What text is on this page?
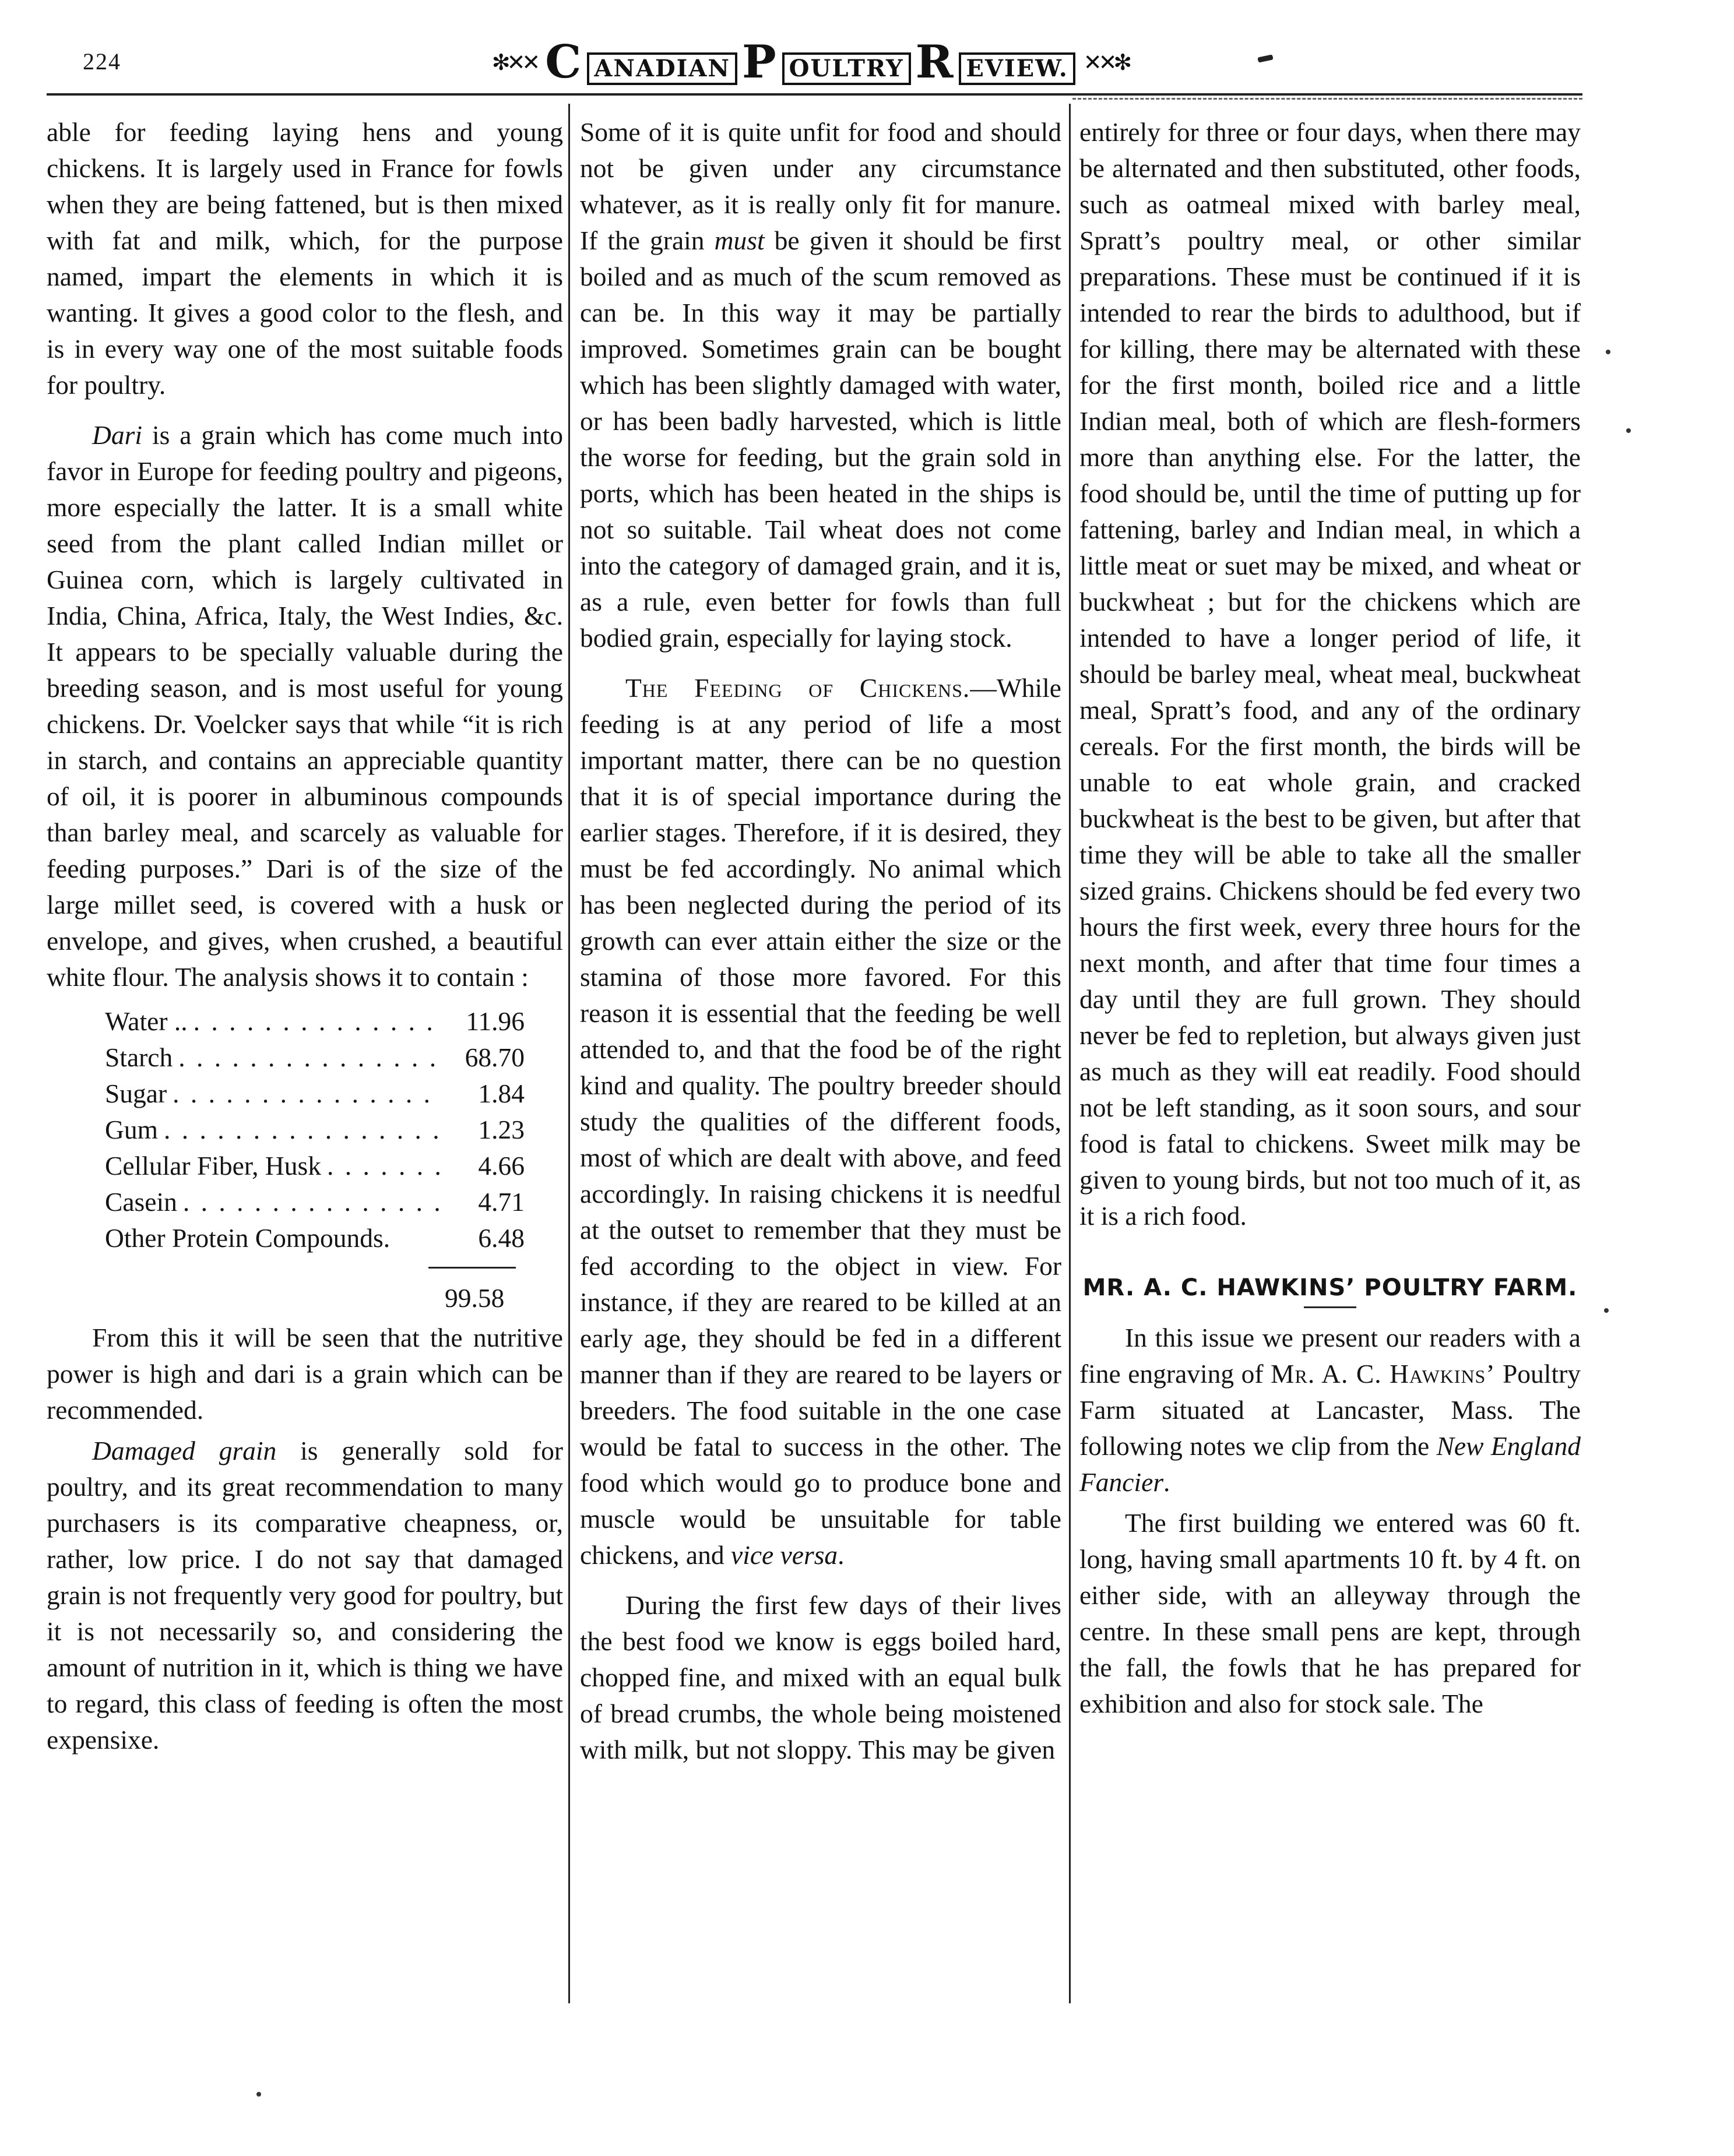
224	✻✕✕ C ANADIAN P OULTRY R EVIEW. ✕✕✻

able for feeding laying hens and young chickens. It is largely used in France for fowls when they are being fattened, but is then mixed with fat and milk, which, for the purpose named, impart the elements in which it is wanting. It gives a good color to the flesh, and is in every way one of the most suitable foods for poultry.

Dari is a grain which has come much into favor in Europe for feeding poultry and pigeons, more especially the latter. It is a small white seed from the plant called Indian millet or Guinea corn, which is largely cultivated in India, China, Africa, Italy, the West Indies, &c. It appears to be specially valuable during the breeding season, and is most useful for young chickens. Dr. Voelcker says that while “it is rich in starch, and contains an appreciable quantity of oil, it is poorer in albuminous compounds than barley meal, and scarcely as valuable for feeding purposes.” Dari is of the size of the large millet seed, is covered with a husk or envelope, and gives, when crushed, a beautiful white flour. The analysis shows it to contain :

Water .. . . .	11.96
Starch . . .	68.70
Sugar . . .	1.84
Gum . . .	1.23
Cellular Fiber, Husk . . .	4.66
Casein . . .	4.71
Other Protein Compounds.	6.48
99.58

From this it will be seen that the nutritive power is high and dari is a grain which can be recommended.

Damaged grain is generally sold for poultry, and its great recommendation to many purchasers is its comparative cheapness, or, rather, low price. I do not say that damaged grain is not frequently very good for poultry, but it is not necessarily so, and considering the amount of nutrition in it, which is thing we have to regard, this class of feeding is often the most expensixe.

Some of it is quite unfit for food and should not be given under any circumstance whatever, as it is really only fit for manure. If the grain must be given it should be first boiled and as much of the scum removed as can be. In this way it may be partially improved. Sometimes grain can be bought which has been slightly damaged with water, or has been badly harvested, which is little the worse for feeding, but the grain sold in ports, which has been heated in the ships is not so suitable. Tail wheat does not come into the category of damaged grain, and it is, as a rule, even better for fowls than full bodied grain, especially for laying stock.

The Feeding of Chickens.—While feeding is at any period of life a most important matter, there can be no question that it is of special importance during the earlier stages. Therefore, if it is desired, they must be fed accordingly. No animal which has been neglected during the period of its growth can ever attain either the size or the stamina of those more favored. For this reason it is essential that the feeding be well attended to, and that the food be of the right kind and quality. The poultry breeder should study the qualities of the different foods, most of which are dealt with above, and feed accordingly. In raising chickens it is needful at the outset to remember that they must be fed according to the object in view. For instance, if they are reared to be killed at an early age, they should be fed in a different manner than if they are reared to be layers or breeders. The food suitable in the one case would be fatal to success in the other. The food which would go to produce bone and muscle would be unsuitable for table chickens, and vice versa.

During the first few days of their lives the best food we know is eggs boiled hard, chopped fine, and mixed with an equal bulk of bread crumbs, the whole being moistened with milk, but not sloppy. This may be given

entirely for three or four days, when there may be alternated and then substituted, other foods, such as oatmeal mixed with barley meal, Spratt’s poultry meal, or other similar preparations. These must be continued if it is intended to rear the birds to adulthood, but if for killing, there may be alternated with these for the first month, boiled rice and a little Indian meal, both of which are flesh-formers more than anything else. For the latter, the food should be, until the time of putting up for fattening, barley and Indian meal, in which a little meat or suet may be mixed, and wheat or buckwheat ; but for the chickens which are intended to have a longer period of life, it should be barley meal, wheat meal, buckwheat meal, Spratt’s food, and any of the ordinary cereals. For the first month, the birds will be unable to eat whole grain, and cracked buckwheat is the best to be given, but after that time they will be able to take all the smaller sized grains. Chickens should be fed every two hours the first week, every three hours for the next month, and after that time four times a day until they are full grown. They should never be fed to repletion, but always given just as much as they will eat readily. Food should not be left standing, as it soon sours, and sour food is fatal to chickens. Sweet milk may be given to young birds, but not too much of it, as it is a rich food.

MR. A. C. HAWKINS’ POULTRY FARM.

In this issue we present our readers with a fine engraving of Mr. A. C. Hawkins’ Poultry Farm situated at Lancaster, Mass. The following notes we clip from the New England Fancier.

The first building we entered was 60 ft. long, having small apartments 10 ft. by 4 ft. on either side, with an alleyway through the centre. In these small pens are kept, through the fall, the fowls that he has prepared for exhibition and also for stock sale. The
